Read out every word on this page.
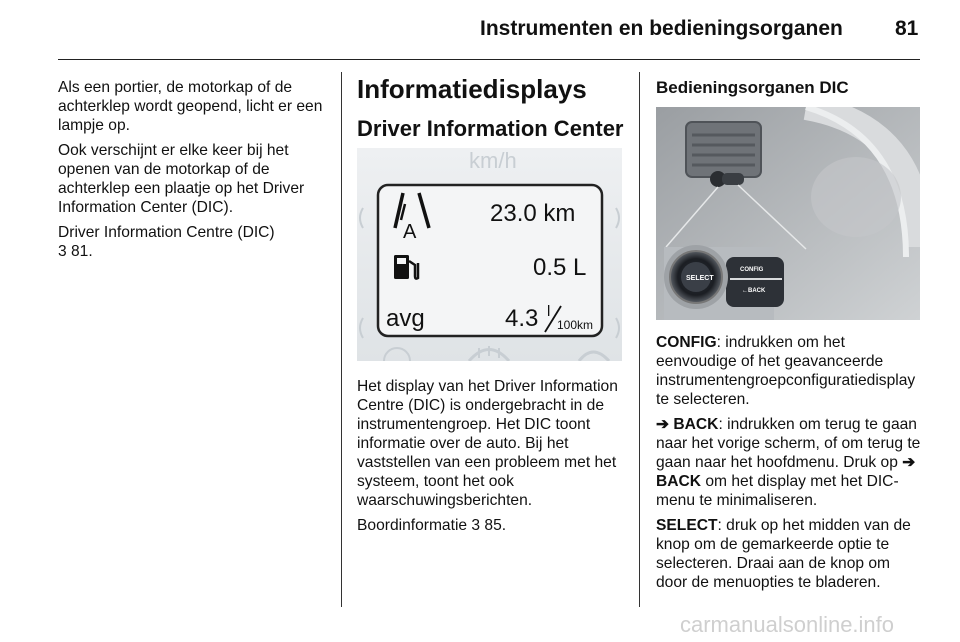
Instrumenten en bedieningsorganen 81

Als een portier, de motorkap of de achterklep wordt geopend, licht er een lampje op.

Ook verschijnt er elke keer bij het openen van de motorkap of de achterklep een plaatje op het Driver Information Center (DIC).

Driver Information Centre (DIC)
3 81.

Informatiedisplays
Driver Information Center
km/h
A
23.0 km
0.5 L
avg	4.3 l
100km

Het display van het Driver Information Centre (DIC) is ondergebracht in de instrumentengroep. Het DIC toont informatie over de auto. Bij het vaststellen van een probleem met het systeem, toont het ook waarschuwingsberichten.

Boordinformatie 3 85.

Bedieningsorganen DIC
SELECT
CONFIG
←BACK

CONFIG: indrukken om het eenvoudige of het geavanceerde instrumentengroepconfiguratiedisplay te selecteren.

➔ BACK: indrukken om terug te gaan naar het vorige scherm, of om terug te gaan naar het hoofdmenu. Druk op ➔ BACK om het display met het DIC-menu te minimaliseren.

SELECT: druk op het midden van de knop om de gemarkeerde optie te selecteren. Draai aan de knop om door de menuopties te bladeren.

carmanualsonline.info
